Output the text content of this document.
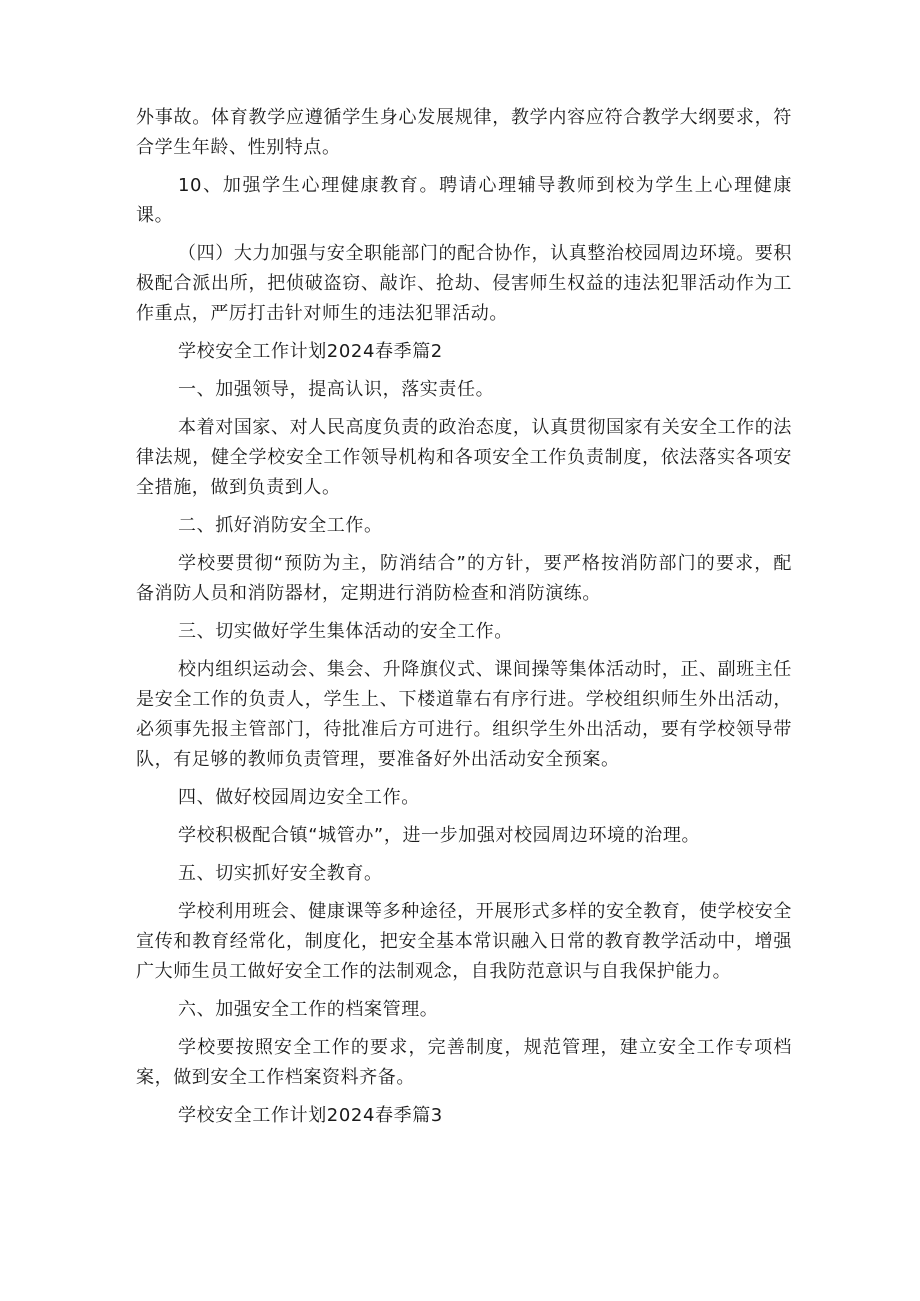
外事故。体育教学应遵循学生身心发展规律，教学内容应符合教学大纲要求，符合学生年龄、性别特点。

10、加强学生心理健康教育。聘请心理辅导教师到校为学生上心理健康课。

（四）大力加强与安全职能部门的配合协作，认真整治校园周边环境。要积极配合派出所，把侦破盗窃、敲诈、抢劫、侵害师生权益的违法犯罪活动作为工作重点，严厉打击针对师生的违法犯罪活动。

学校安全工作计划2024春季篇2

一、加强领导，提高认识，落实责任。

本着对国家、对人民高度负责的政治态度，认真贯彻国家有关安全工作的法律法规，健全学校安全工作领导机构和各项安全工作负责制度，依法落实各项安全措施，做到负责到人。

二、抓好消防安全工作。

学校要贯彻“预防为主，防消结合”的方针，要严格按消防部门的要求，配备消防人员和消防器材，定期进行消防检查和消防演练。

三、切实做好学生集体活动的安全工作。

校内组织运动会、集会、升降旗仪式、课间操等集体活动时，正、副班主任是安全工作的负责人，学生上、下楼道靠右有序行进。学校组织师生外出活动，必须事先报主管部门，待批准后方可进行。组织学生外出活动，要有学校领导带队，有足够的教师负责管理，要准备好外出活动安全预案。

四、做好校园周边安全工作。

学校积极配合镇“城管办”，进一步加强对校园周边环境的治理。

五、切实抓好安全教育。

学校利用班会、健康课等多种途径，开展形式多样的安全教育，使学校安全宣传和教育经常化，制度化，把安全基本常识融入日常的教育教学活动中，增强广大师生员工做好安全工作的法制观念，自我防范意识与自我保护能力。

六、加强安全工作的档案管理。

学校要按照安全工作的要求，完善制度，规范管理，建立安全工作专项档案，做到安全工作档案资料齐备。

学校安全工作计划2024春季篇3
